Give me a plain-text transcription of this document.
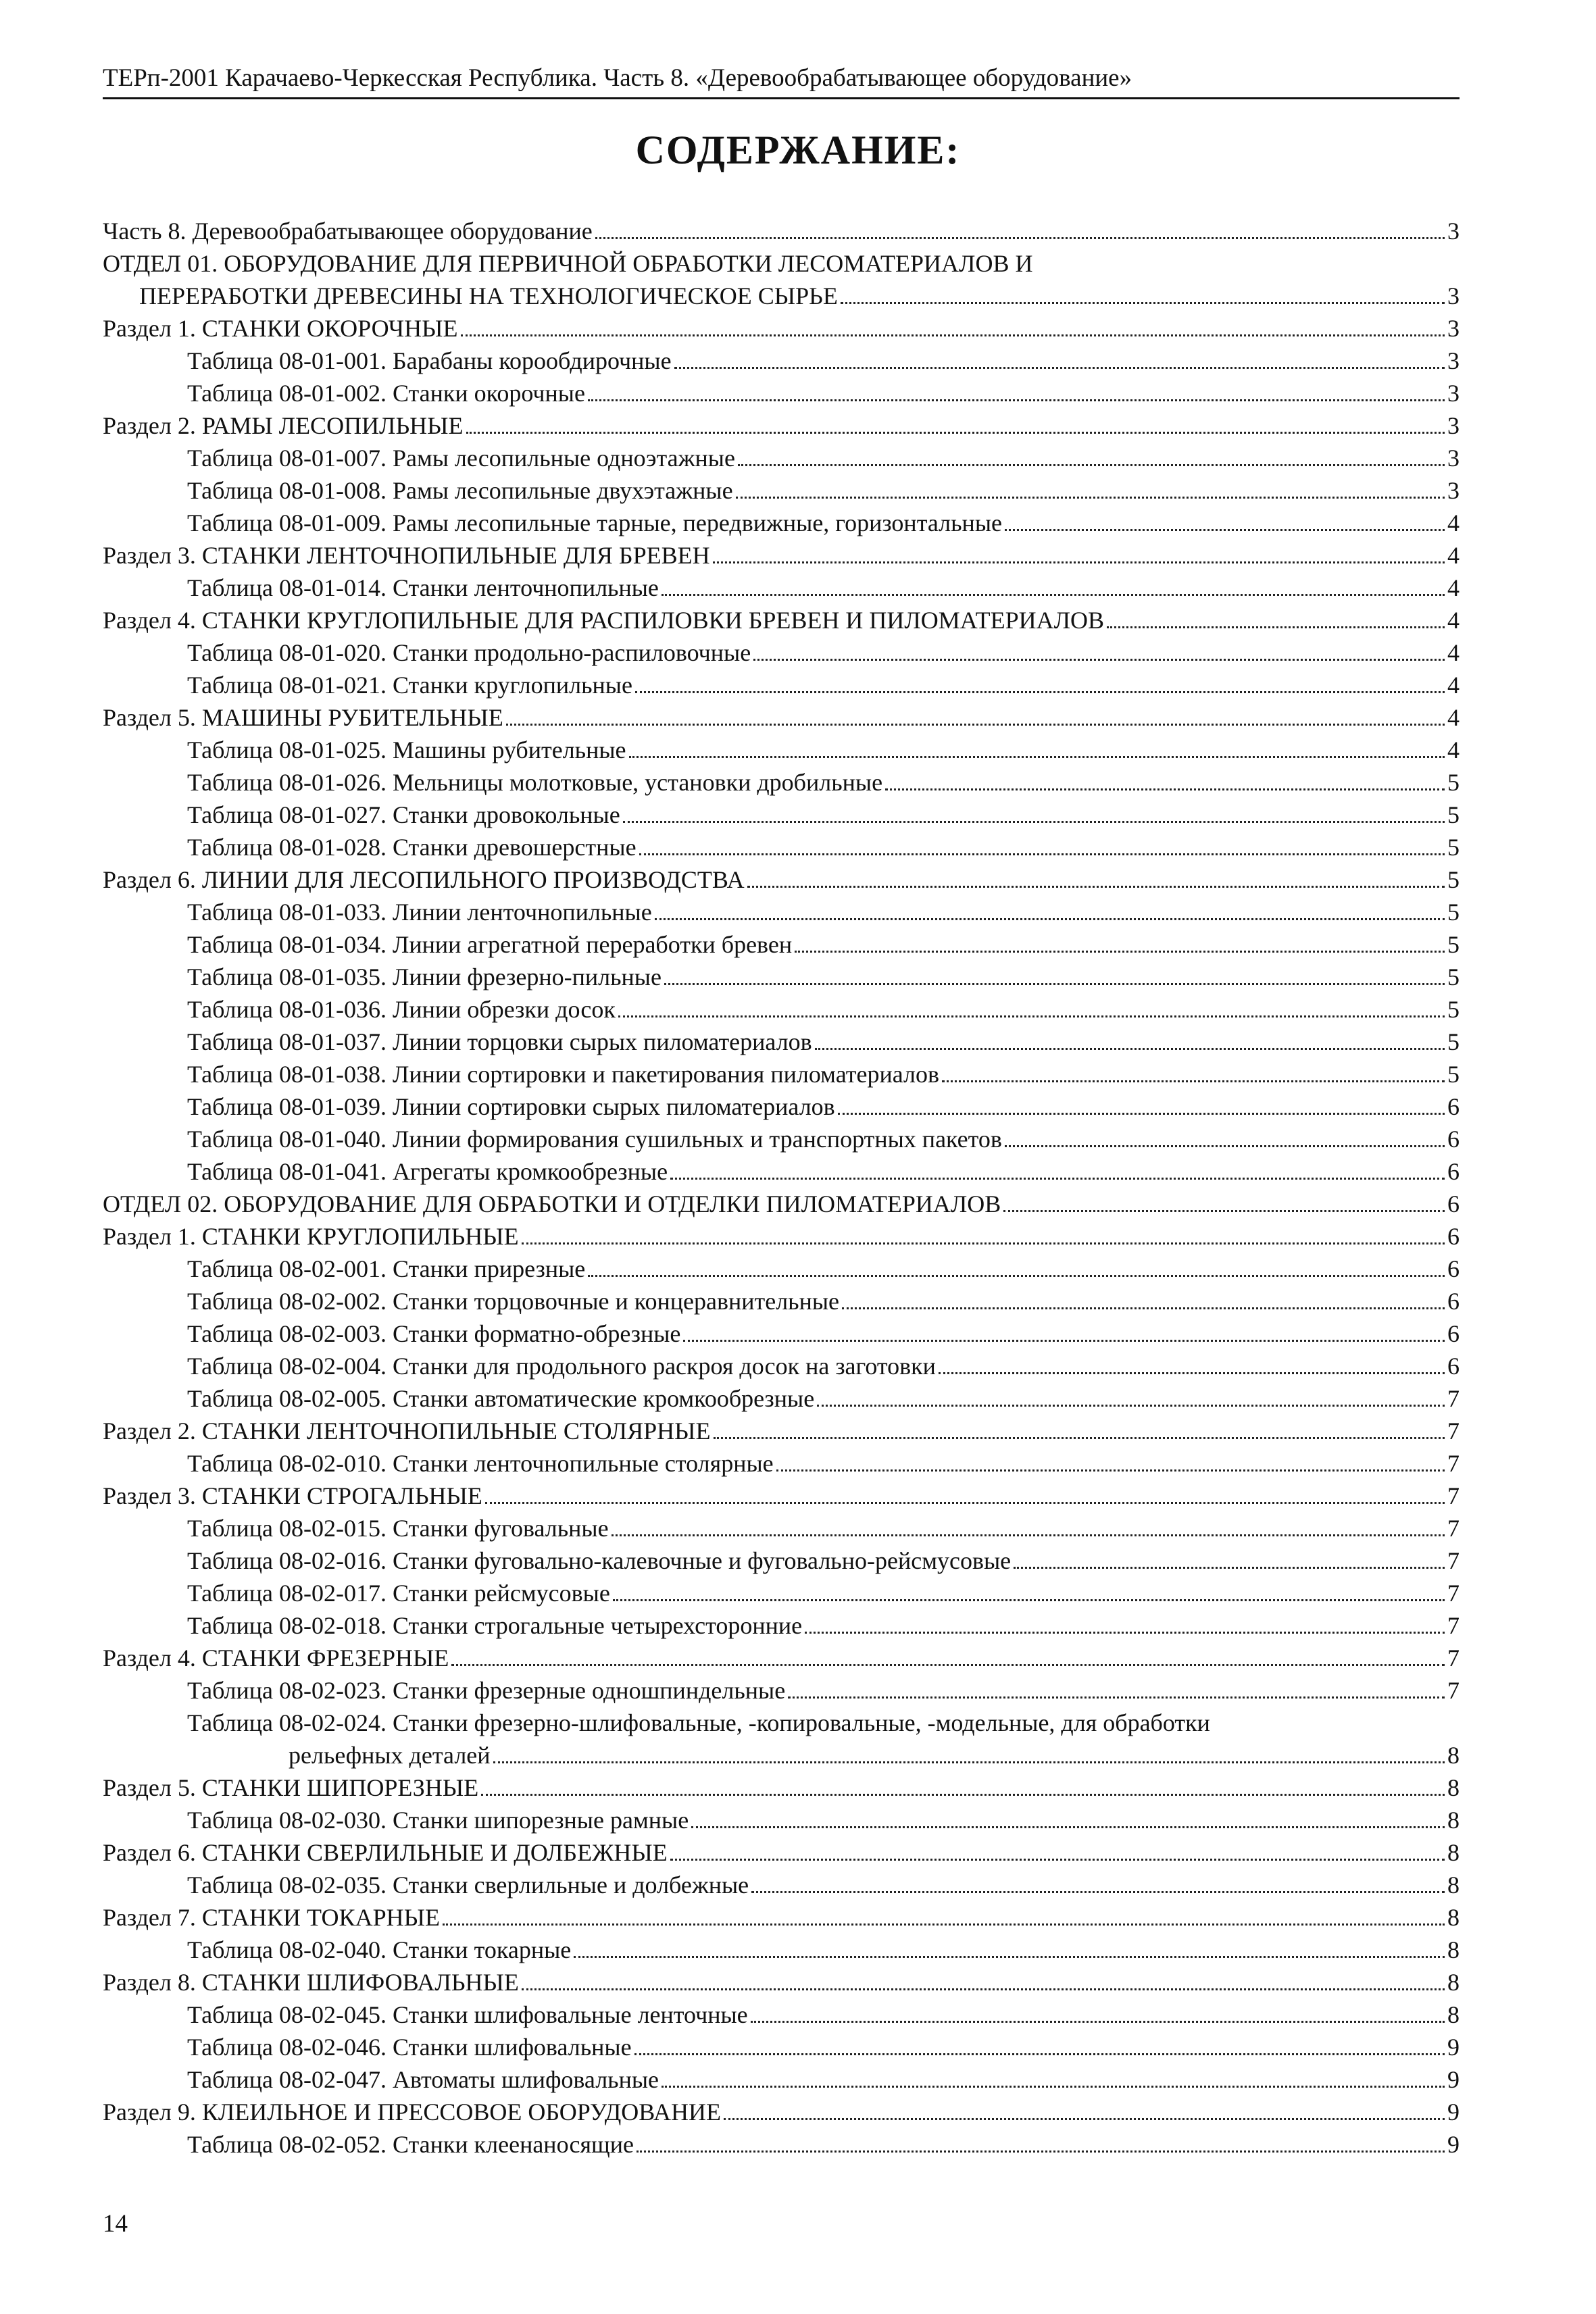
ТЕРп-2001 Карачаево-Черкесская Республика. Часть 8. «Деревообрабатывающее оборудование»
СОДЕРЖАНИЕ:
Часть 8. Деревообрабатывающее оборудование	3
ОТДЕЛ 01. ОБОРУДОВАНИЕ ДЛЯ ПЕРВИЧНОЙ ОБРАБОТКИ ЛЕСОМАТЕРИАЛОВ И
ПЕРЕРАБОТКИ ДРЕВЕСИНЫ НА ТЕХНОЛОГИЧЕСКОЕ СЫРЬЕ	3
Раздел 1. СТАНКИ ОКОРОЧНЫЕ	3
Таблица 08-01-001. Барабаны корообдирочные	3
Таблица 08-01-002. Станки окорочные	3
Раздел 2. РАМЫ ЛЕСОПИЛЬНЫЕ	3
Таблица 08-01-007. Рамы лесопильные одноэтажные	3
Таблица 08-01-008. Рамы лесопильные двухэтажные	3
Таблица 08-01-009. Рамы лесопильные тарные, передвижные, горизонтальные	4
Раздел 3. СТАНКИ ЛЕНТОЧНОПИЛЬНЫЕ ДЛЯ БРЕВЕН	4
Таблица 08-01-014. Станки ленточнопильные	4
Раздел 4. СТАНКИ КРУГЛОПИЛЬНЫЕ ДЛЯ РАСПИЛОВКИ БРЕВЕН И ПИЛОМАТЕРИАЛОВ	4
Таблица 08-01-020. Станки продольно-распиловочные	4
Таблица 08-01-021. Станки круглопильные	4
Раздел 5. МАШИНЫ РУБИТЕЛЬНЫЕ	4
Таблица 08-01-025. Машины рубительные	4
Таблица 08-01-026. Мельницы молотковые, установки дробильные	5
Таблица 08-01-027. Станки дровокольные	5
Таблица 08-01-028. Станки древошерстные	5
Раздел 6. ЛИНИИ ДЛЯ ЛЕСОПИЛЬНОГО ПРОИЗВОДСТВА	5
Таблица 08-01-033. Линии ленточнопильные	5
Таблица 08-01-034. Линии агрегатной переработки бревен	5
Таблица 08-01-035. Линии фрезерно-пильные	5
Таблица 08-01-036. Линии обрезки досок	5
Таблица 08-01-037. Линии торцовки сырых пиломатериалов	5
Таблица 08-01-038. Линии сортировки и пакетирования пиломатериалов	5
Таблица 08-01-039. Линии сортировки сырых пиломатериалов	6
Таблица 08-01-040. Линии формирования сушильных и транспортных пакетов	6
Таблица 08-01-041. Агрегаты кромкообрезные	6
ОТДЕЛ 02. ОБОРУДОВАНИЕ ДЛЯ ОБРАБОТКИ И ОТДЕЛКИ ПИЛОМАТЕРИАЛОВ	6
Раздел 1. СТАНКИ КРУГЛОПИЛЬНЫЕ	6
Таблица 08-02-001. Станки прирезные	6
Таблица 08-02-002. Станки торцовочные и концеравнительные	6
Таблица 08-02-003. Станки форматно-обрезные	6
Таблица 08-02-004. Станки для продольного раскроя досок на заготовки	6
Таблица 08-02-005. Станки автоматические кромкообрезные	7
Раздел 2. СТАНКИ ЛЕНТОЧНОПИЛЬНЫЕ СТОЛЯРНЫЕ	7
Таблица 08-02-010. Станки ленточнопильные столярные	7
Раздел 3. СТАНКИ СТРОГАЛЬНЫЕ	7
Таблица 08-02-015. Станки фуговальные	7
Таблица 08-02-016. Станки фуговально-калевочные и фуговально-рейсмусовые	7
Таблица 08-02-017. Станки рейсмусовые	7
Таблица 08-02-018. Станки строгальные четырехсторонние	7
Раздел 4. СТАНКИ ФРЕЗЕРНЫЕ	7
Таблица 08-02-023. Станки фрезерные одношпиндельные	7
Таблица 08-02-024. Станки фрезерно-шлифовальные, -копировальные, -модельные, для обработки
рельефных деталей	8
Раздел 5. СТАНКИ ШИПОРЕЗНЫЕ	8
Таблица 08-02-030. Станки шипорезные рамные	8
Раздел 6. СТАНКИ СВЕРЛИЛЬНЫЕ И ДОЛБЕЖНЫЕ	8
Таблица 08-02-035. Станки сверлильные и долбежные	8
Раздел 7. СТАНКИ ТОКАРНЫЕ	8
Таблица 08-02-040. Станки токарные	8
Раздел 8. СТАНКИ ШЛИФОВАЛЬНЫЕ	8
Таблица 08-02-045. Станки шлифовальные ленточные	8
Таблица 08-02-046. Станки шлифовальные	9
Таблица 08-02-047. Автоматы шлифовальные	9
Раздел 9. КЛЕИЛЬНОЕ И ПРЕССОВОЕ ОБОРУДОВАНИЕ	9
Таблица 08-02-052. Станки клеенаносящие	9
14
